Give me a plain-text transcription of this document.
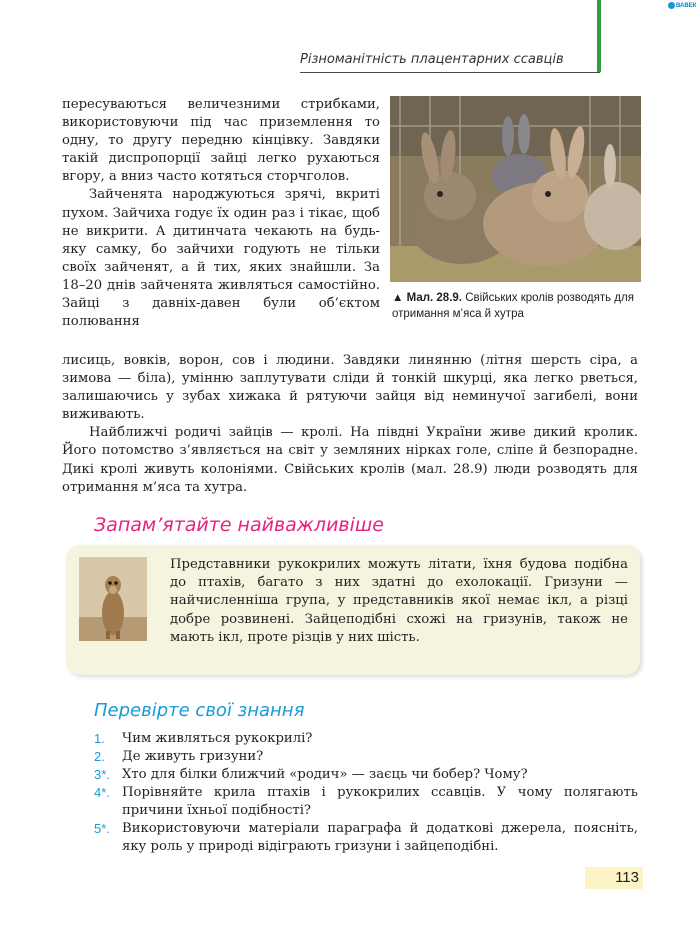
ВАВЕК
Різноманітність плацентарних ссавців

пересуваються величезними стрибками, використовуючи під час приземлення то одну, то другу передню кінцівку. Завдяки такій диспропорції зайці легко рухаються вгору, а вниз часто котяться сторчголов.

Зайченята народжуються зрячі, вкриті пухом. Зайчиха годує їх один раз і тікає, щоб не викрити. А дитинчата чекають на будь-яку самку, бо зайчихи годують не тільки своїх зайченят, а й тих, яких знайшли. За 18–20 днів зайченята живляться самостійно. Зайці з давніх-давен були об’єктом полювання

лисиць, вовків, ворон, сов і людини. Завдяки линянню (літня шерсть сіра, а зимова — біла), умінню заплутувати сліди й тонкій шкурці, яка легко рветься, залишаючись у зубах хижака й рятуючи зайця від неминучої загибелі, вони виживають.

Найближчі родичі зайців — кролі. На півдні України живе дикий кролик. Його потомство з’являється на світ у земляних нірках голе, сліпе й безпорадне. Дикі кролі живуть колоніями. Свійських кролів (мал. 28.9) люди розводять для отримання м’яса та хутра.

▲ Мал. 28.9. Свійських кролів розводять для отримання м’яса й хутра
Запам’ятайте найважливіше
Представники рукокрилих можуть літати, їхня будова подібна до птахів, багато з них здатні до ехолокації. Гризуни — найчисленніша група, у представників якої немає ікл, а різці добре розвинені. Зайцеподібні схожі на гризунів, також не мають ікл, проте різців у них шість.
Перевірте свої знання
1.	Чим живляться рукокрилі?
2.	Де живуть гризуни?
3*. Хто для білки ближчий «родич» — заєць чи бобер? Чому?
4*. Порівняйте крила птахів і рукокрилих ссавців. У чому полягають причини їхньої подібності?
5*. Використовуючи матеріали параграфа й додаткові джерела, поясніть, яку роль у природі відіграють гризуни і зайцеподібні.
113
